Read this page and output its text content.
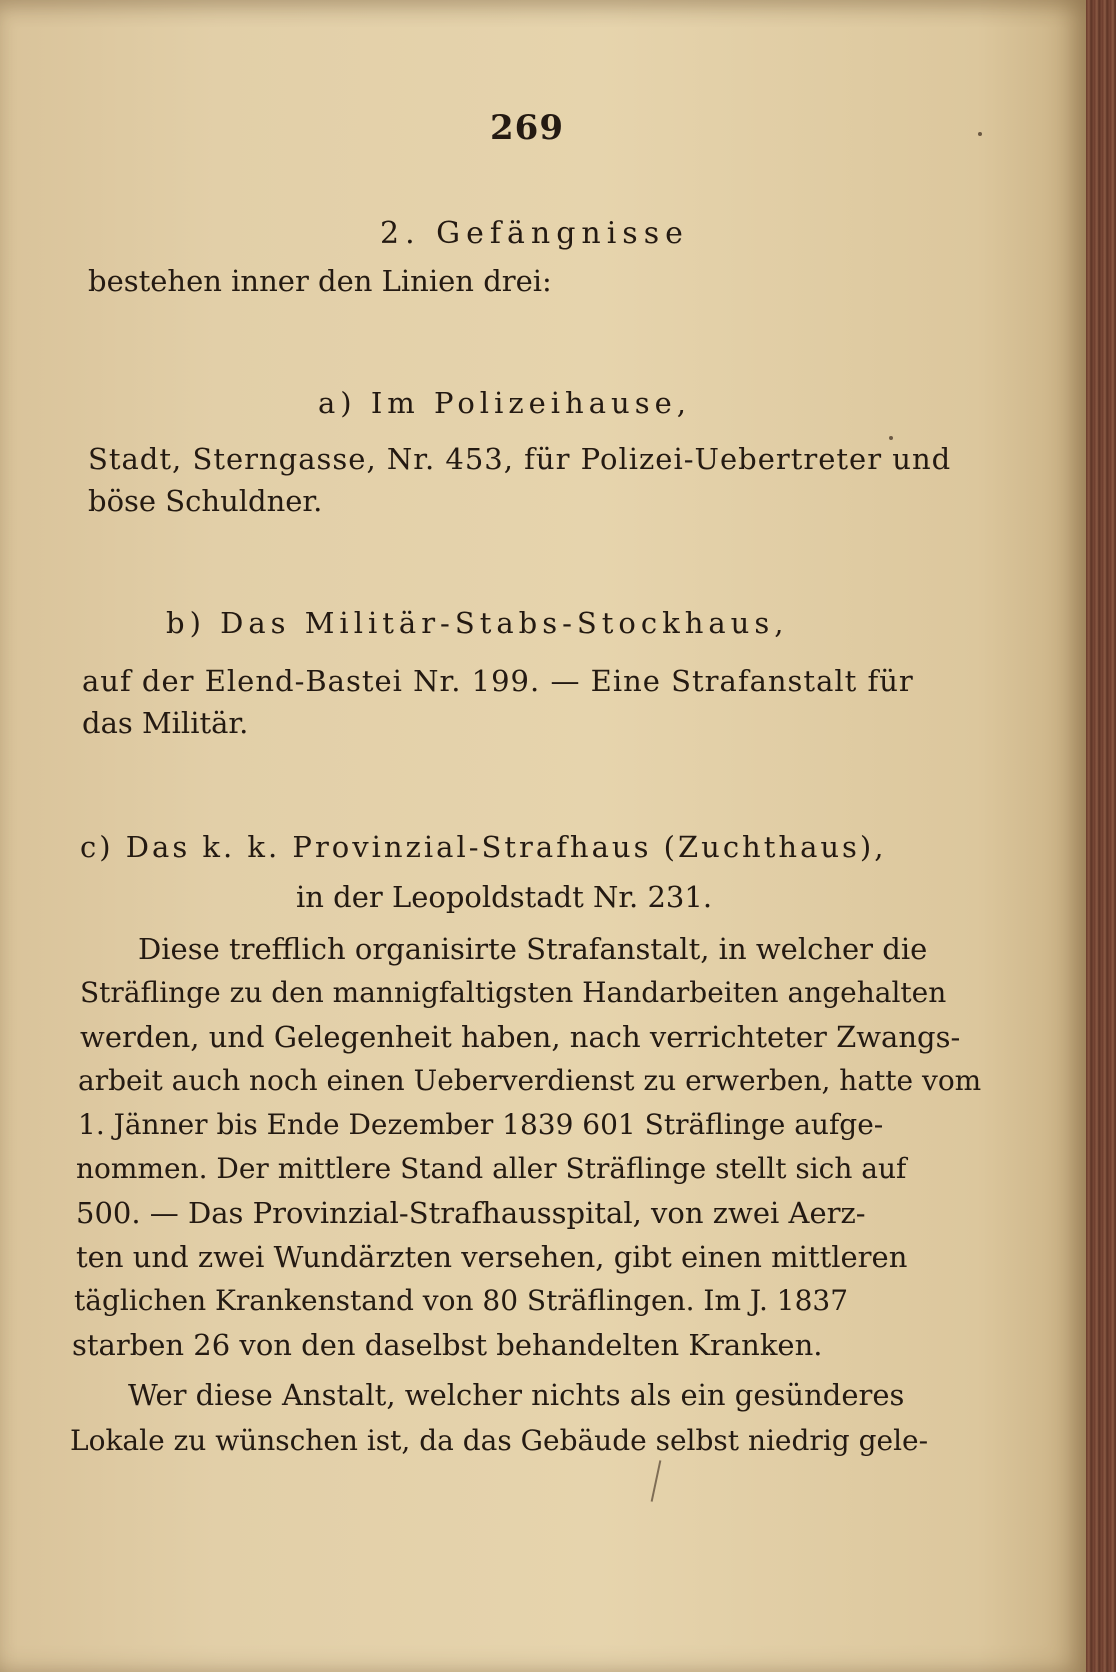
269
2. Gefängnisse
bestehen inner den Linien drei:
a) Im Polizeihause,
Stadt, Sterngasse, Nr. 453, für Polizei-Uebertreter und
böse Schuldner.
b) Das Militär-Stabs-Stockhaus,
auf der Elend-Bastei Nr. 199. — Eine Strafanstalt für
das Militär.
c) Das k. k. Provinzial-Strafhaus (Zuchthaus),
in der Leopoldstadt Nr. 231.
Diese trefflich organisirte Strafanstalt, in welcher die
Sträflinge zu den mannigfaltigsten Handarbeiten angehalten
werden, und Gelegenheit haben, nach verrichteter Zwangs-
arbeit auch noch einen Ueberverdienst zu erwerben, hatte vom
1. Jänner bis Ende Dezember 1839 601 Sträflinge aufge-
nommen. Der mittlere Stand aller Sträflinge stellt sich auf
500. — Das Provinzial-Strafhausspital, von zwei Aerz-
ten und zwei Wundärzten versehen, gibt einen mittleren
täglichen Krankenstand von 80 Sträflingen. Im J. 1837
starben 26 von den daselbst behandelten Kranken.
Wer diese Anstalt, welcher nichts als ein gesünderes
Lokale zu wünschen ist, da das Gebäude selbst niedrig gele-
